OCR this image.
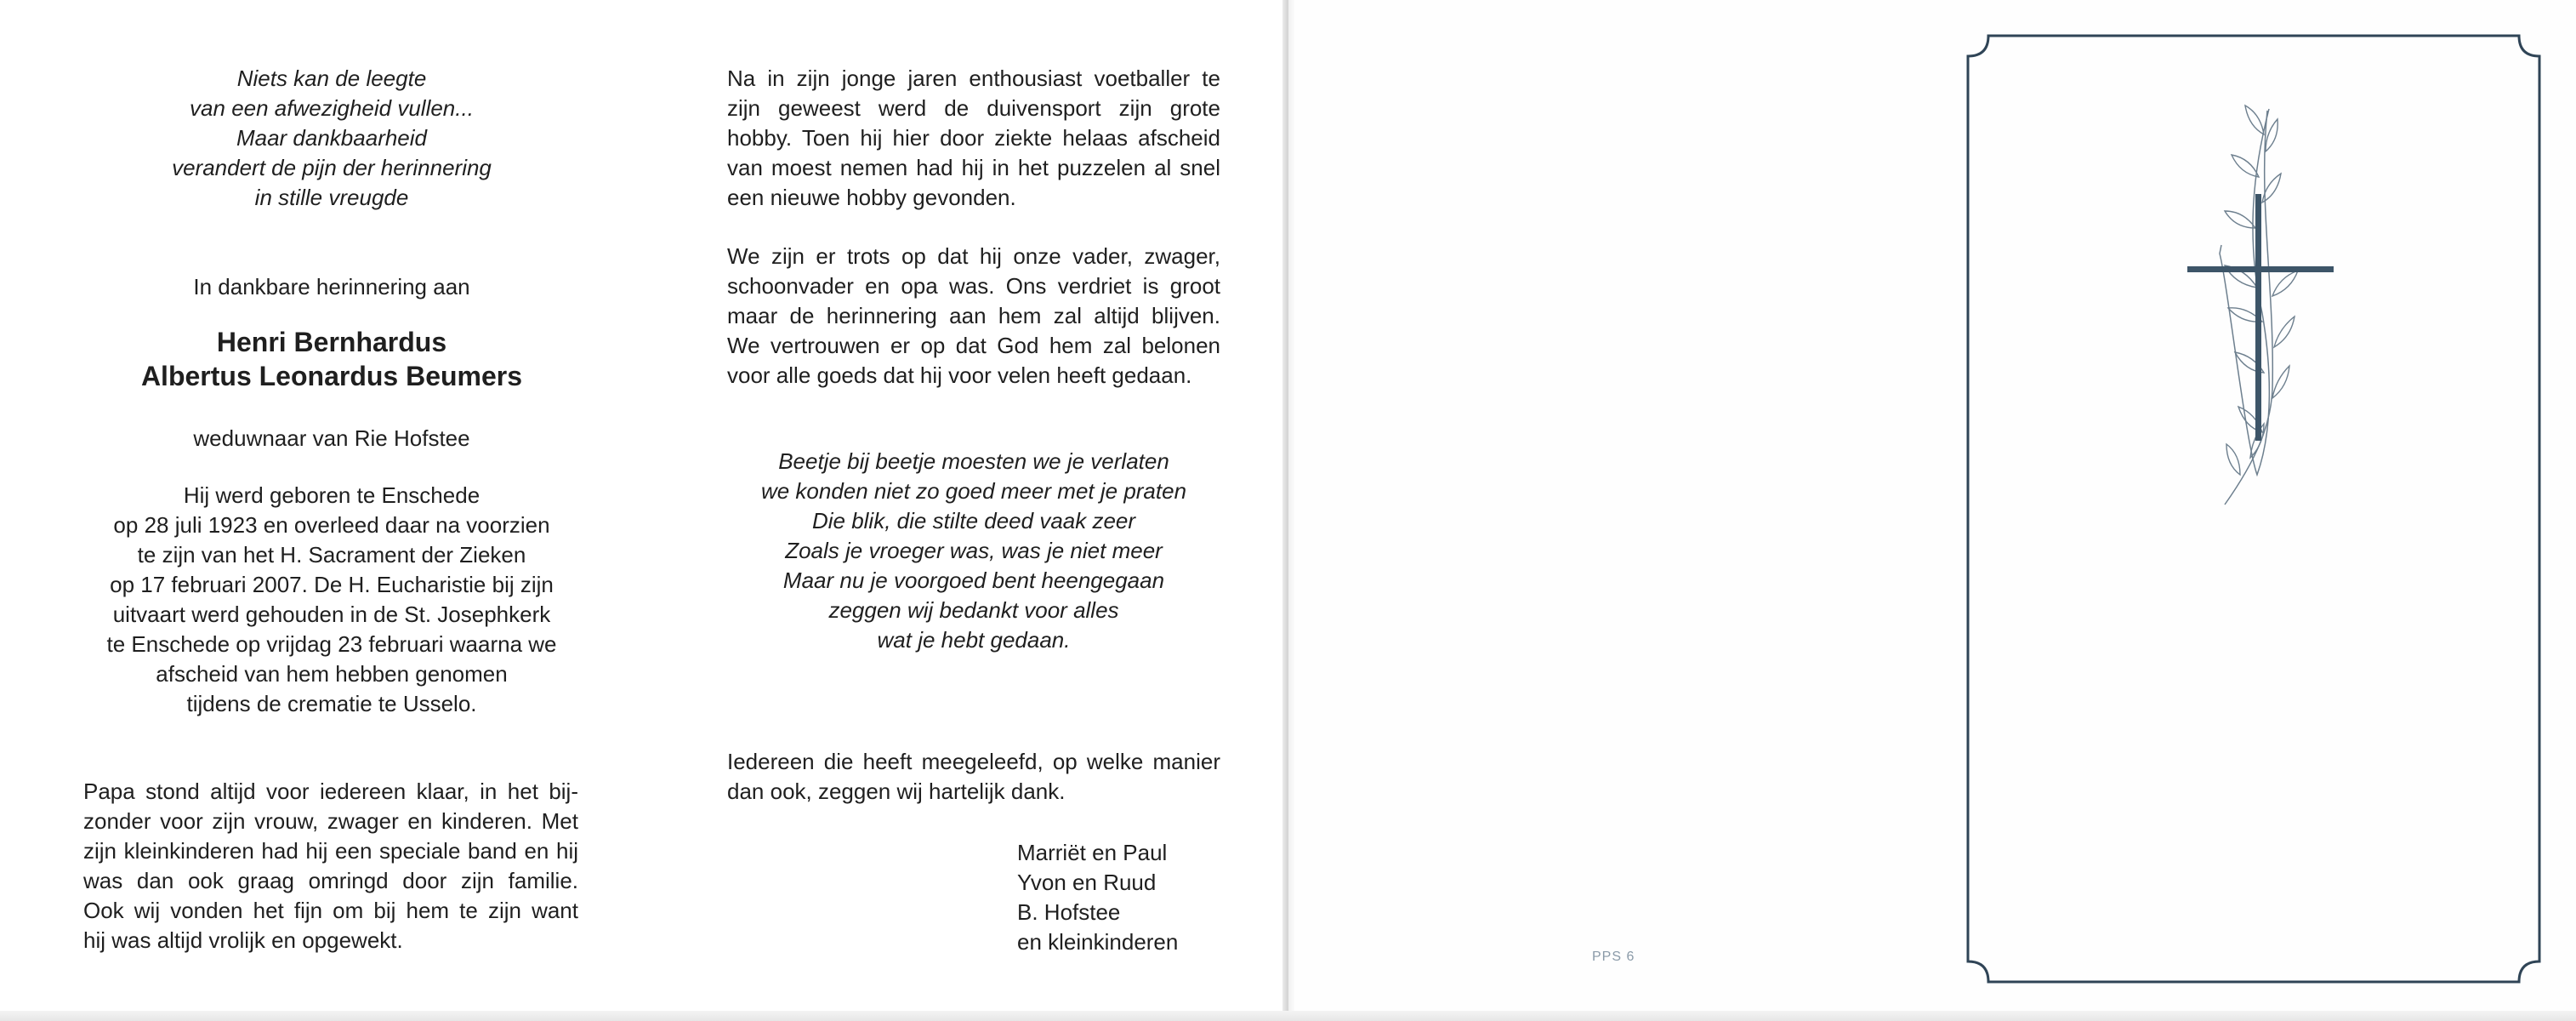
Niets kan de leegte
van een afwezigheid vullen...
Maar dankbaarheid
verandert de pijn der herinnering
in stille vreugde
In dankbare herinnering aan
Henri Bernhardus
Albertus Leonardus Beumers
weduwnaar van Rie Hofstee
Hij werd geboren te Enschede
op 28 juli 1923 en overleed daar na voorzien
te zijn van het H. Sacrament der Zieken
op 17 februari 2007. De H. Eucharistie bij zijn
uitvaart werd gehouden in de St. Josephkerk
te Enschede op vrijdag 23 februari waarna we
afscheid van hem hebben genomen
tijdens de crematie te Usselo.
Papa stond altijd voor iedereen klaar, in het bij-
zonder voor zijn vrouw, zwager en kinderen. Met
zijn kleinkinderen had hij een speciale band en hij
was dan ook graag omringd door zijn familie.
Ook wij vonden het fijn om bij hem te zijn want
hij was altijd vrolijk en opgewekt.
Na in zijn jonge jaren enthousiast voetballer te
zijn geweest werd de duivensport zijn grote
hobby. Toen hij hier door ziekte helaas afscheid
van moest nemen had hij in het puzzelen al snel
een nieuwe hobby gevonden.
We zijn er trots op dat hij onze vader, zwager,
schoonvader en opa was. Ons verdriet is groot
maar de herinnering aan hem zal altijd blijven.
We vertrouwen er op dat God hem zal belonen
voor alle goeds dat hij voor velen heeft gedaan.
Beetje bij beetje moesten we je verlaten
we konden niet zo goed meer met je praten
Die blik, die stilte deed vaak zeer
Zoals je vroeger was, was je niet meer
Maar nu je voorgoed bent heengegaan
zeggen wij bedankt voor alles
wat je hebt gedaan.
Iedereen die heeft meegeleefd, op welke manier
dan ook, zeggen wij hartelijk dank.
Marriët en Paul
Yvon en Ruud
B. Hofstee
en kleinkinderen
PPS 6
